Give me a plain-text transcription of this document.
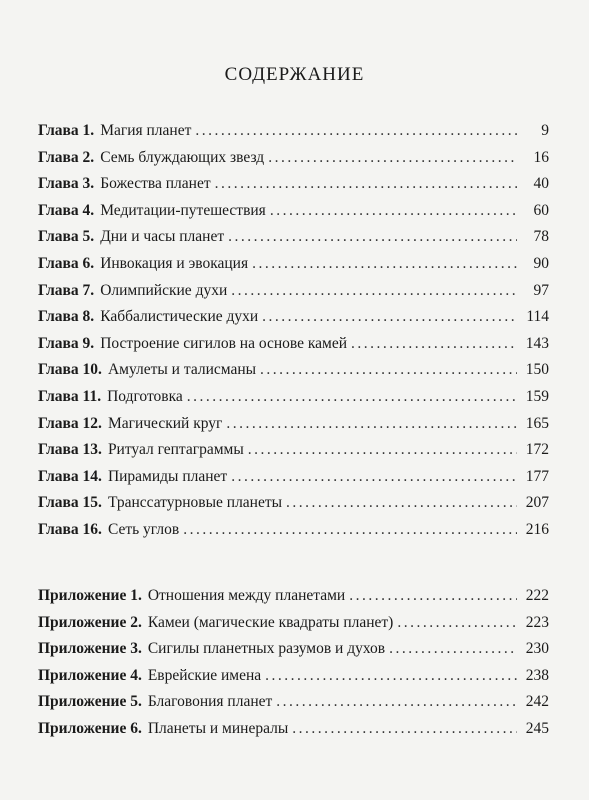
СОДЕРЖАНИЕ
Глава 1. Магия планет .....	9
Глава 2. Семь блуждающих звезд .....	16
Глава 3. Божества планет .....	40
Глава 4. Медитации-путешествия .....	60
Глава 5. Дни и часы планет .....	78
Глава 6. Инвокация и эвокация .....	90
Глава 7. Олимпийские духи .....	97
Глава 8. Каббалистические духи .....	114
Глава 9. Построение сигилов на основе камей .....	143
Глава 10. Амулеты и талисманы .....	150
Глава 11. Подготовка .....	159
Глава 12. Магический круг .....	165
Глава 13. Ритуал гептаграммы .....	172
Глава 14. Пирамиды планет .....	177
Глава 15. Транссатурновые планеты .....	207
Глава 16. Сеть углов .....	216
Приложение 1. Отношения между планетами .....	222
Приложение 2. Камеи (магические квадраты планет) .....	223
Приложение 3. Сигилы планетных разумов и духов .....	230
Приложение 4. Еврейские имена .....	238
Приложение 5. Благовония планет .....	242
Приложение 6. Планеты и минералы .....	245
